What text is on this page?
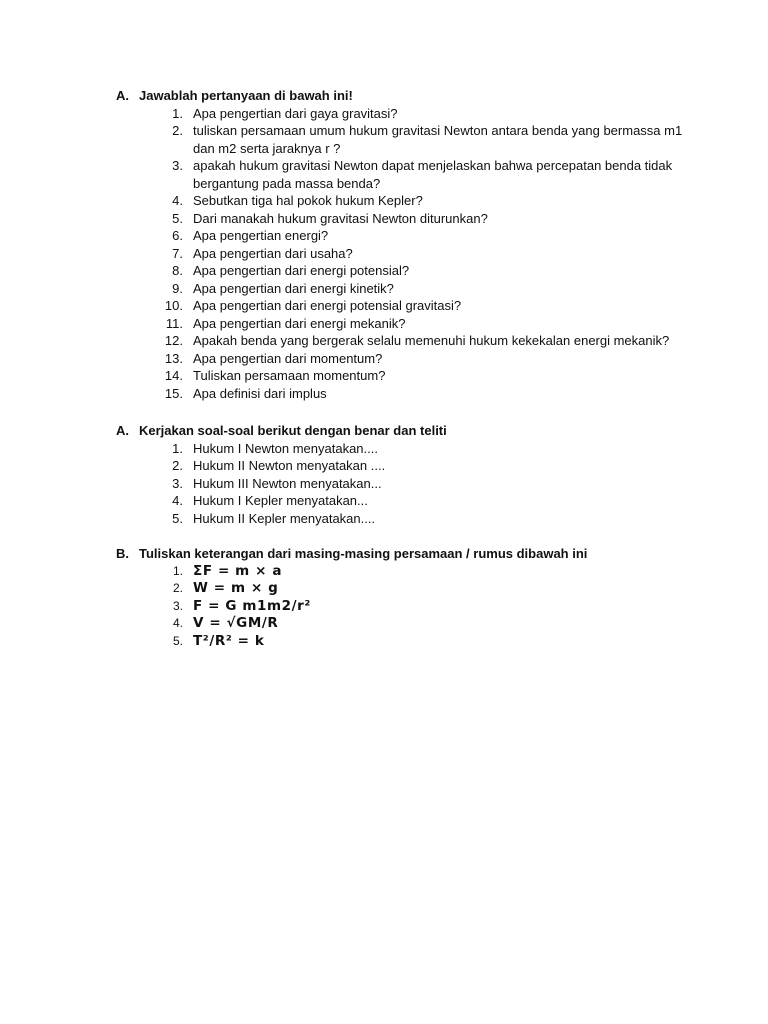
A. Jawablah pertanyaan di bawah ini!
1. Apa pengertian dari gaya gravitasi?
2. tuliskan persamaan umum hukum gravitasi Newton antara benda yang bermassa m1 dan m2 serta jaraknya r ?
3. apakah hukum gravitasi Newton dapat menjelaskan bahwa percepatan benda tidak bergantung pada massa benda?
4. Sebutkan tiga hal pokok hukum Kepler?
5. Dari manakah hukum gravitasi Newton diturunkan?
6. Apa pengertian energi?
7. Apa pengertian dari usaha?
8. Apa pengertian dari energi potensial?
9. Apa pengertian dari energi kinetik?
10. Apa pengertian dari energi potensial gravitasi?
11. Apa pengertian dari energi mekanik?
12. Apakah benda yang bergerak selalu memenuhi hukum kekekalan energi mekanik?
13. Apa pengertian dari momentum?
14. Tuliskan persamaan momentum?
15. Apa definisi dari implus
A. Kerjakan soal-soal berikut dengan benar dan teliti
1. Hukum I Newton menyatakan....
2. Hukum II Newton menyatakan ....
3. Hukum III Newton menyatakan...
4. Hukum I Kepler menyatakan...
5. Hukum II Kepler menyatakan....
B. Tuliskan keterangan dari masing-masing persamaan / rumus dibawah ini
1. ΣF = m × a
2. W = m × g
3. F = G m1m2/r²
4. V = √GM/R
5. T²/R² = k
